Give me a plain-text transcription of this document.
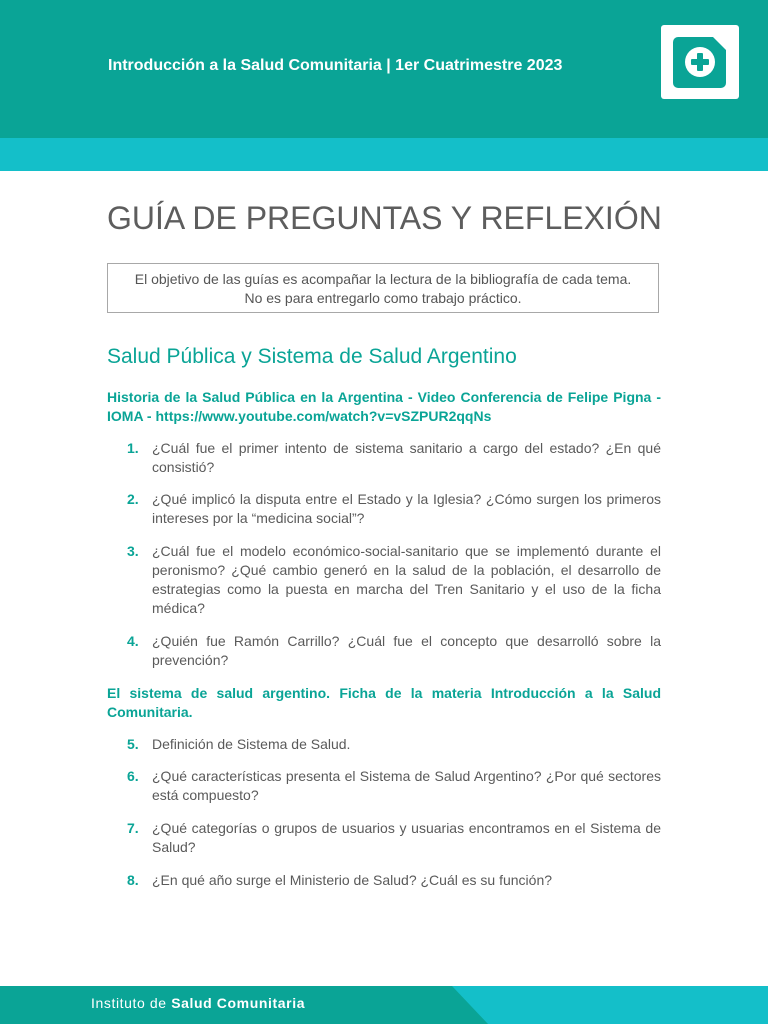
Introducción a la Salud Comunitaria | 1er Cuatrimestre 2023
GUÍA DE PREGUNTAS Y REFLEXIÓN
El objetivo de las guías es acompañar la lectura de la bibliografía de cada tema.
No es para entregarlo como trabajo práctico.
Salud Pública y Sistema de Salud Argentino
Historia de la Salud Pública en la Argentina - Video Conferencia de Felipe Pigna - IOMA - https://www.youtube.com/watch?v=vSZPUR2qqNs
1. ¿Cuál fue el primer intento de sistema sanitario a cargo del estado? ¿En qué consistió?
2. ¿Qué implicó la disputa entre el Estado y la Iglesia? ¿Cómo surgen los primeros intereses por la “medicina social”?
3. ¿Cuál fue el modelo económico-social-sanitario que se implementó durante el peronismo? ¿Qué cambio generó en la salud de la población, el desarrollo de estrategias como la puesta en marcha del Tren Sanitario y el uso de la ficha médica?
4. ¿Quién fue Ramón Carrillo? ¿Cuál fue el concepto que desarrolló sobre la prevención?
El sistema de salud argentino. Ficha de la materia Introducción a la Salud Comunitaria.
5. Definición de Sistema de Salud.
6. ¿Qué características presenta el Sistema de Salud Argentino? ¿Por qué sectores está compuesto?
7. ¿Qué categorías o grupos de usuarios y usuarias encontramos en el Sistema de Salud?
8. ¿En qué año surge el Ministerio de Salud? ¿Cuál es su función?
Instituto de Salud Comunitaria
